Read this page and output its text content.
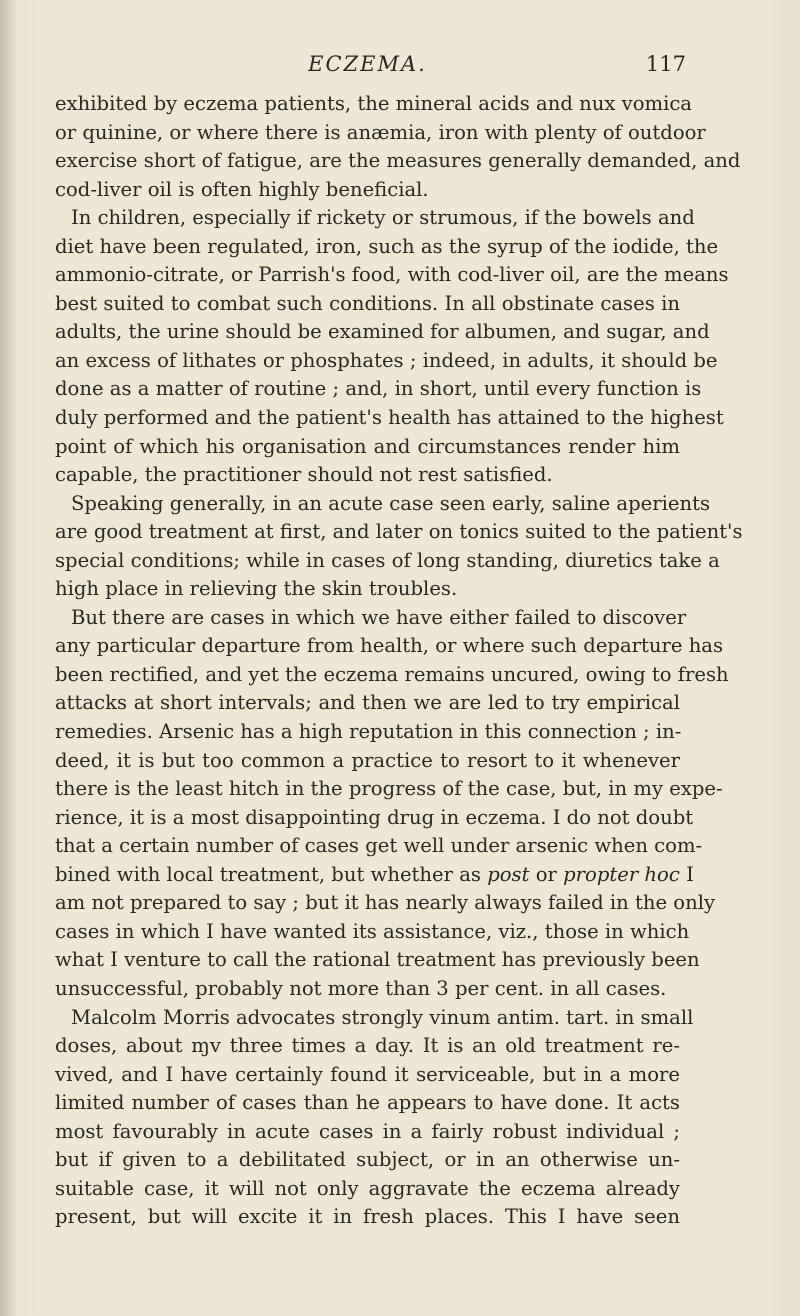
ECZEMA.	117
exhibited by eczema patients, the mineral acids and nux vomica
or quinine, or where there is anæmia, iron with plenty of outdoor
exercise short of fatigue, are the measures generally demanded, and
cod-liver oil is often highly beneficial.
In children, especially if rickety or strumous, if the bowels and
diet have been regulated, iron, such as the syrup of the iodide, the
ammonio-citrate, or Parrish's food, with cod-liver oil, are the means
best suited to combat such conditions. In all obstinate cases in
adults, the urine should be examined for albumen, and sugar, and
an excess of lithates or phosphates ; indeed, in adults, it should be
done as a matter of routine ; and, in short, until every function is
duly performed and the patient's health has attained to the highest
point of which his organisation and circumstances render him
capable, the practitioner should not rest satisfied.
Speaking generally, in an acute case seen early, saline aperients
are good treatment at first, and later on tonics suited to the patient's
special conditions; while in cases of long standing, diuretics take a
high place in relieving the skin troubles.
But there are cases in which we have either failed to discover
any particular departure from health, or where such departure has
been rectified, and yet the eczema remains uncured, owing to fresh
attacks at short intervals; and then we are led to try empirical
remedies. Arsenic has a high reputation in this connection ; in-
deed, it is but too common a practice to resort to it whenever
there is the least hitch in the progress of the case, but, in my expe-
rience, it is a most disappointing drug in eczema. I do not doubt
that a certain number of cases get well under arsenic when com-
bined with local treatment, but whether as post or propter hoc I
am not prepared to say ; but it has nearly always failed in the only
cases in which I have wanted its assistance, viz., those in which
what I venture to call the rational treatment has previously been
unsuccessful, probably not more than 3 per cent. in all cases.
Malcolm Morris advocates strongly vinum antim. tart. in small
doses, about ɱv three times a day. It is an old treatment re-
vived, and I have certainly found it serviceable, but in a more
limited number of cases than he appears to have done. It acts
most favourably in acute cases in a fairly robust individual ;
but if given to a debilitated subject, or in an otherwise un-
suitable case, it will not only aggravate the eczema already
present, but will excite it in fresh places. This I have seen
